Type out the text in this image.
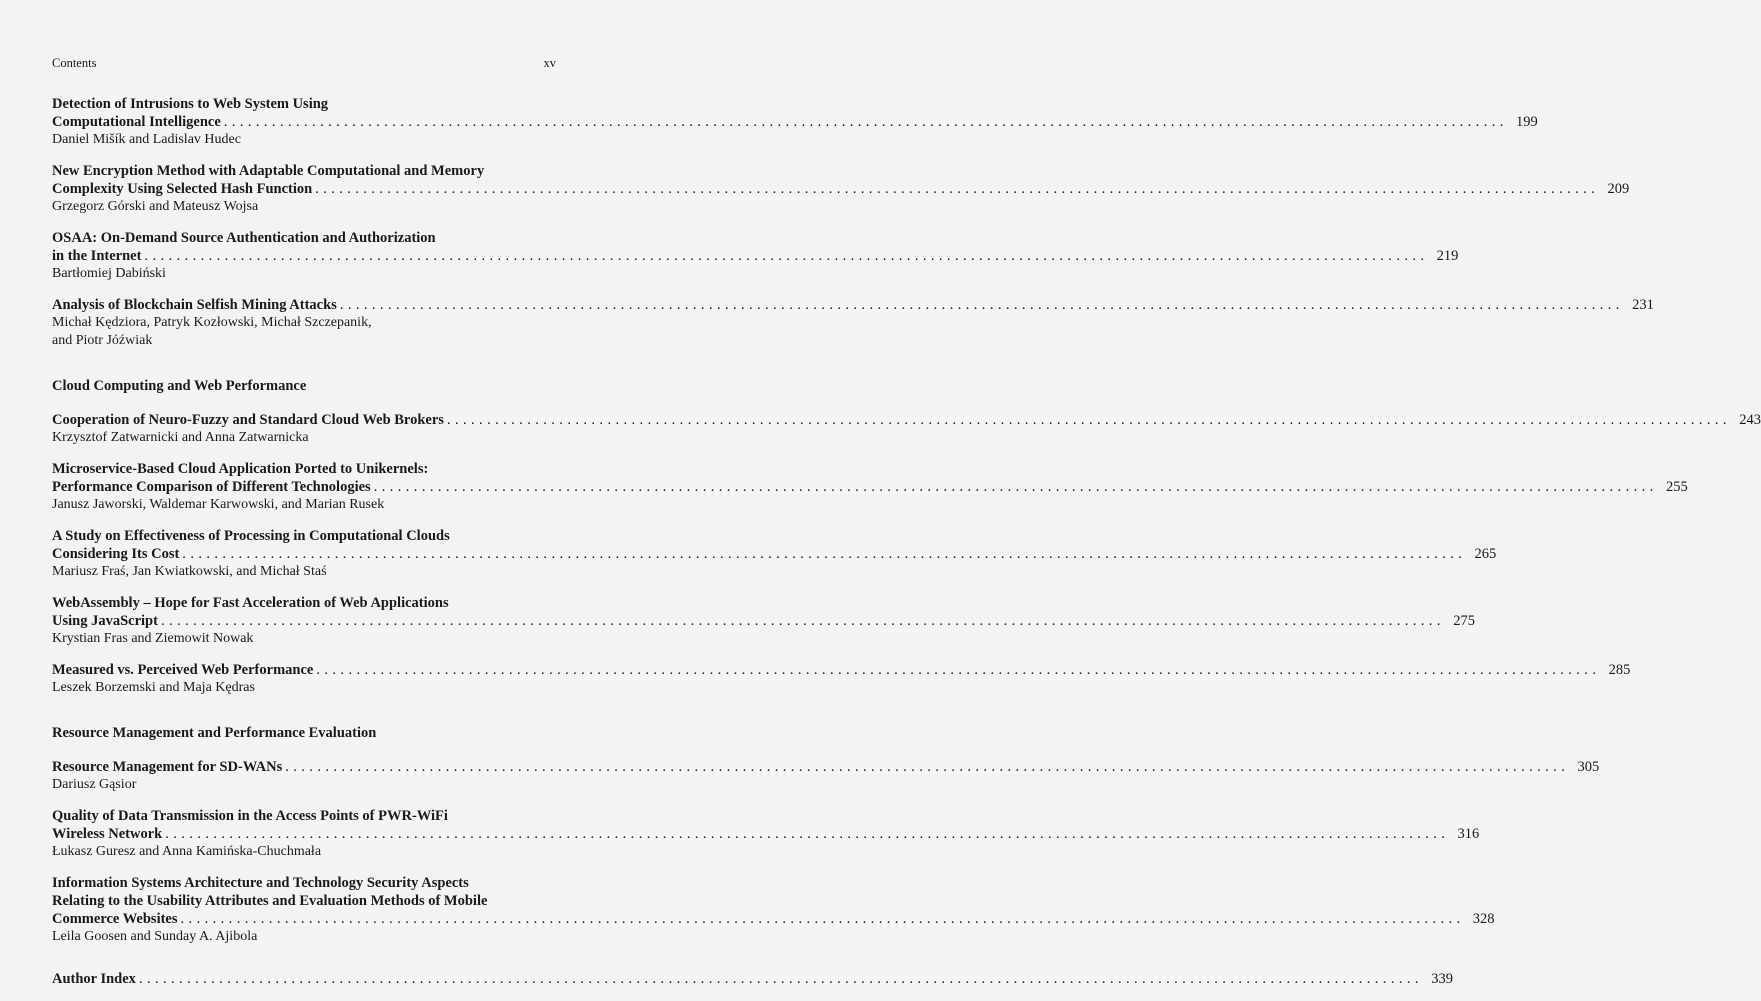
Contents	xv
Detection of Intrusions to Web System Using
Computational Intelligence ................................................................................................................................................................ 199
Daniel Mišík and Ladislav Hudec
New Encryption Method with Adaptable Computational and Memory
Complexity Using Selected Hash Function ................................................................................................................................................................ 209
Grzegorz Górski and Mateusz Wojsa
OSAA: On-Demand Source Authentication and Authorization
in the Internet ................................................................................................................................................................ 219
Bartłomiej Dabiński
Analysis of Blockchain Selfish Mining Attacks ................................................................................................................................................................ 231
Michał Kędziora, Patryk Kozłowski, Michał Szczepanik,
and Piotr Jóźwiak
Cloud Computing and Web Performance
Cooperation of Neuro-Fuzzy and Standard Cloud Web Brokers ................................................................................................................................................................ 243
Krzysztof Zatwarnicki and Anna Zatwarnicka
Microservice-Based Cloud Application Ported to Unikernels:
Performance Comparison of Different Technologies ................................................................................................................................................................ 255
Janusz Jaworski, Waldemar Karwowski, and Marian Rusek
A Study on Effectiveness of Processing in Computational Clouds
Considering Its Cost ................................................................................................................................................................ 265
Mariusz Fraś, Jan Kwiatkowski, and Michał Staś
WebAssembly – Hope for Fast Acceleration of Web Applications
Using JavaScript ................................................................................................................................................................ 275
Krystian Fras and Ziemowit Nowak
Measured vs. Perceived Web Performance ................................................................................................................................................................ 285
Leszek Borzemski and Maja Kędras
Resource Management and Performance Evaluation
Resource Management for SD-WANs ................................................................................................................................................................ 305
Dariusz Gąsior
Quality of Data Transmission in the Access Points of PWR-WiFi
Wireless Network ................................................................................................................................................................ 316
Łukasz Guresz and Anna Kamińska-Chuchmała
Information Systems Architecture and Technology Security Aspects
Relating to the Usability Attributes and Evaluation Methods of Mobile
Commerce Websites ................................................................................................................................................................ 328
Leila Goosen and Sunday A. Ajibola
Author Index ................................................................................................................................................................ 339
